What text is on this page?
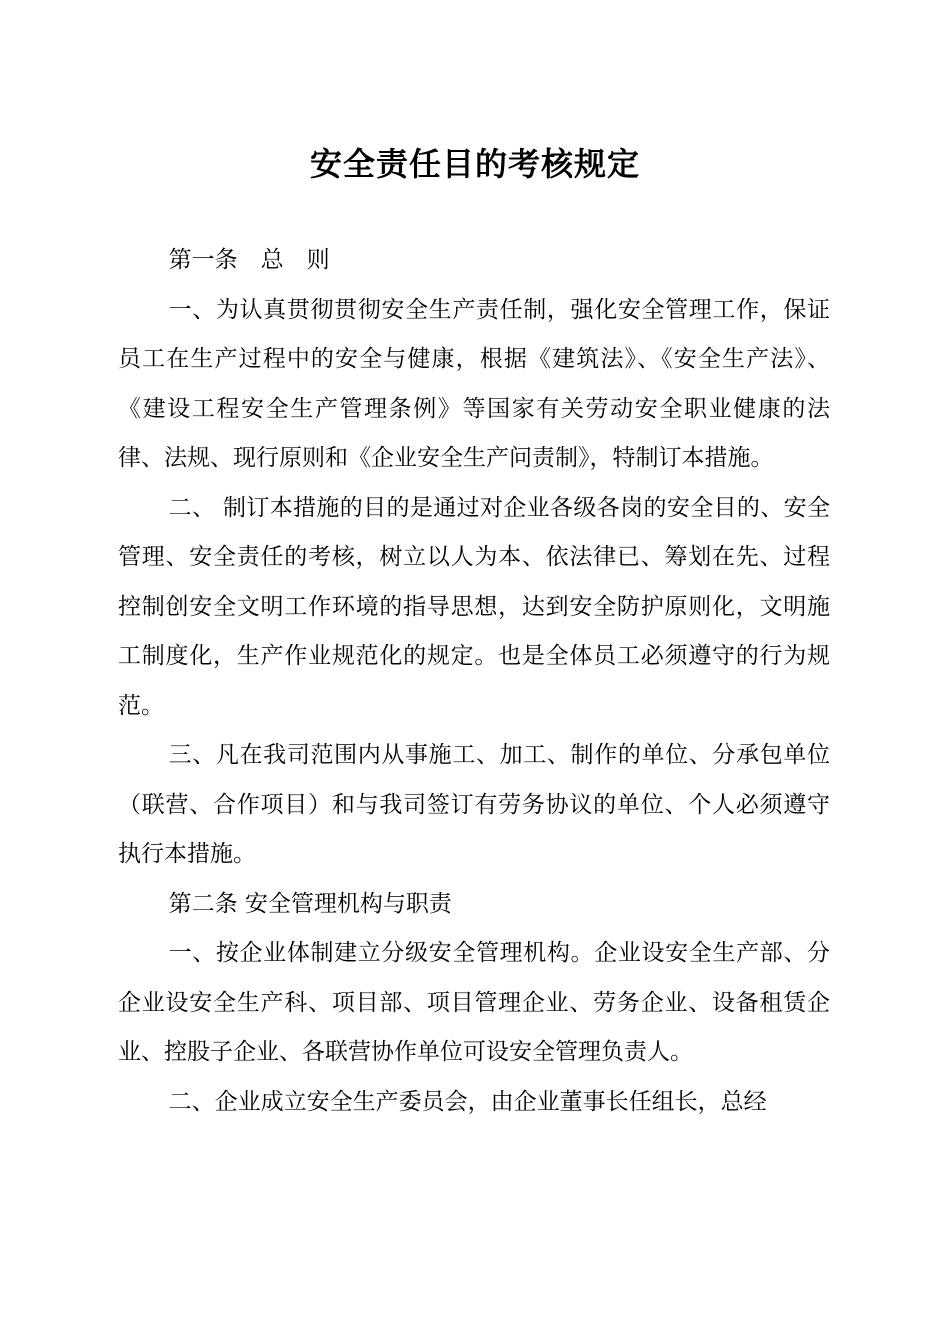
安全责任目的考核规定

第一条　总　则

一、为认真贯彻贯彻安全生产责任制，强化安全管理工作，保证员工在生产过程中的安全与健康，根据《建筑法》、《安全生产法》、《建设工程安全生产管理条例》等国家有关劳动安全职业健康的法律、法规、现行原则和《企业安全生产问责制》，特制订本措施。

二、 制订本措施的目的是通过对企业各级各岗的安全目的、安全管理、安全责任的考核，树立以人为本、依法律已、筹划在先、过程控制创安全文明工作环境的指导思想，达到安全防护原则化，文明施工制度化，生产作业规范化的规定。也是全体员工必须遵守的行为规范。

三、凡在我司范围内从事施工、加工、制作的单位、分承包单位（联营、合作项目）和与我司签订有劳务协议的单位、个人必须遵守执行本措施。

第二条 安全管理机构与职责

一、按企业体制建立分级安全管理机构。企业设安全生产部、分企业设安全生产科、项目部、项目管理企业、劳务企业、设备租赁企业、控股子企业、各联营协作单位可设安全管理负责人。

二、企业成立安全生产委员会，由企业董事长任组长，总经
